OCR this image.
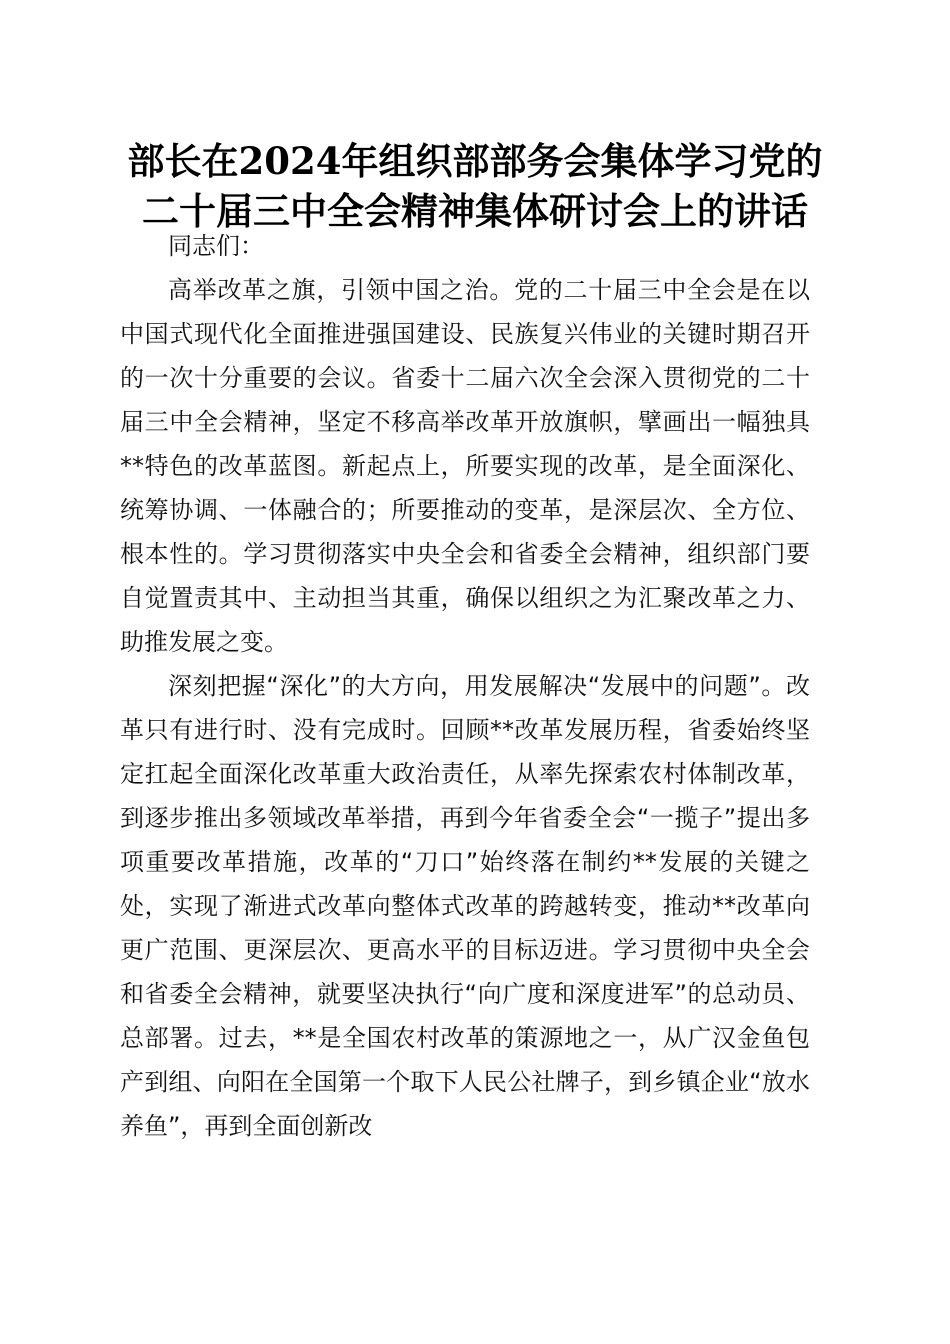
部长在2024年组织部部务会集体学习党的二十届三中全会精神集体研讨会上的讲话

同志们：

高举改革之旗，引领中国之治。党的二十届三中全会是在以中国式现代化全面推进强国建设、民族复兴伟业的关键时期召开的一次十分重要的会议。省委十二届六次全会深入贯彻党的二十届三中全会精神，坚定不移高举改革开放旗帜，擘画出一幅独具**特色的改革蓝图。新起点上，所要实现的改革，是全面深化、统筹协调、一体融合的；所要推动的变革，是深层次、全方位、根本性的。学习贯彻落实中央全会和省委全会精神，组织部门要自觉置责其中、主动担当其重，确保以组织之为汇聚改革之力、助推发展之变。

深刻把握“深化”的大方向，用发展解决“发展中的问题”。改革只有进行时、没有完成时。回顾**改革发展历程，省委始终坚定扛起全面深化改革重大政治责任，从率先探索农村体制改革，到逐步推出多领域改革举措，再到今年省委全会“一揽子”提出多项重要改革措施，改革的“刀口”始终落在制约**发展的关键之处，实现了渐进式改革向整体式改革的跨越转变，推动**改革向更广范围、更深层次、更高水平的目标迈进。学习贯彻中央全会和省委全会精神，就要坚决执行“向广度和深度进军”的总动员、总部署。过去，**是全国农村改革的策源地之一，从广汉金鱼包产到组、向阳在全国第一个取下人民公社牌子，到乡镇企业“放水养鱼”，再到全面创新改
